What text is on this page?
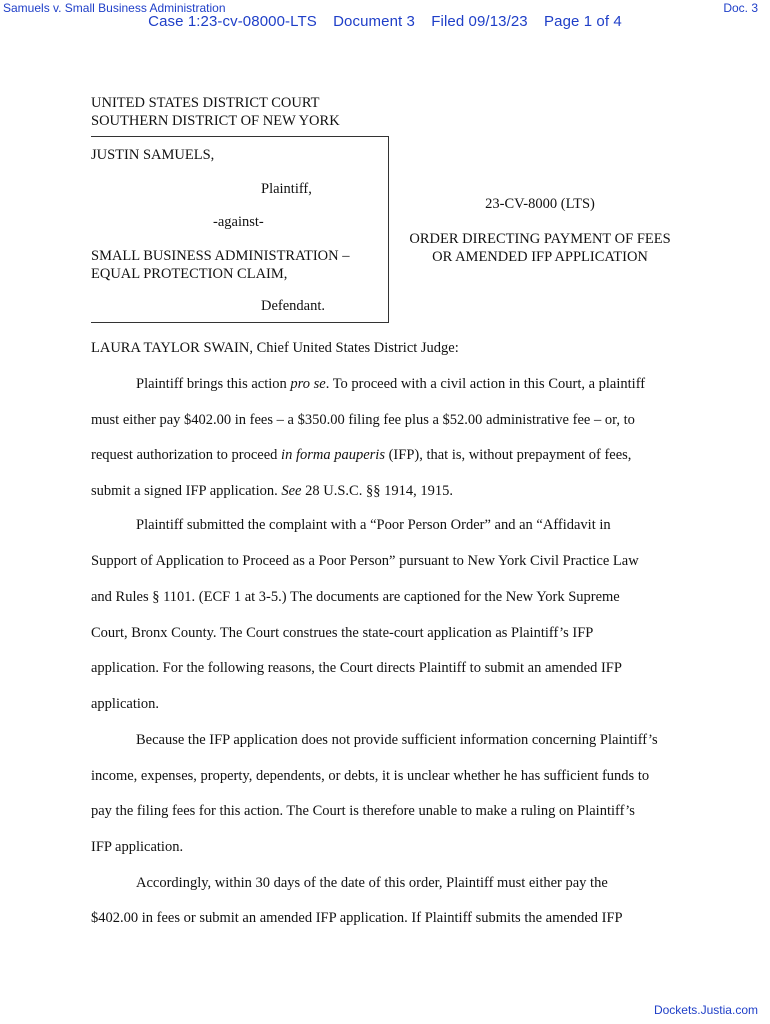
Samuels v. Small Business Administration	Doc. 3
Case 1:23-cv-08000-LTS Document 3 Filed 09/13/23 Page 1 of 4
UNITED STATES DISTRICT COURT
SOUTHERN DISTRICT OF NEW YORK
JUSTIN SAMUELS,
Plaintiff,
-against-
SMALL BUSINESS ADMINISTRATION –
EQUAL PROTECTION CLAIM,
Defendant.
23-CV-8000 (LTS)
ORDER DIRECTING PAYMENT OF FEES
OR AMENDED IFP APPLICATION
LAURA TAYLOR SWAIN, Chief United States District Judge:
Plaintiff brings this action pro se. To proceed with a civil action in this Court, a plaintiff
must either pay $402.00 in fees – a $350.00 filing fee plus a $52.00 administrative fee – or, to
request authorization to proceed in forma pauperis (IFP), that is, without prepayment of fees,
submit a signed IFP application. See 28 U.S.C. §§ 1914, 1915.
Plaintiff submitted the complaint with a “Poor Person Order” and an “Affidavit in
Support of Application to Proceed as a Poor Person” pursuant to New York Civil Practice Law
and Rules § 1101. (ECF 1 at 3-5.) The documents are captioned for the New York Supreme
Court, Bronx County. The Court construes the state-court application as Plaintiff’s IFP
application. For the following reasons, the Court directs Plaintiff to submit an amended IFP
application.
Because the IFP application does not provide sufficient information concerning Plaintiff’s
income, expenses, property, dependents, or debts, it is unclear whether he has sufficient funds to
pay the filing fees for this action. The Court is therefore unable to make a ruling on Plaintiff’s
IFP application.
Accordingly, within 30 days of the date of this order, Plaintiff must either pay the
$402.00 in fees or submit an amended IFP application. If Plaintiff submits the amended IFP
Dockets.Justia.com
